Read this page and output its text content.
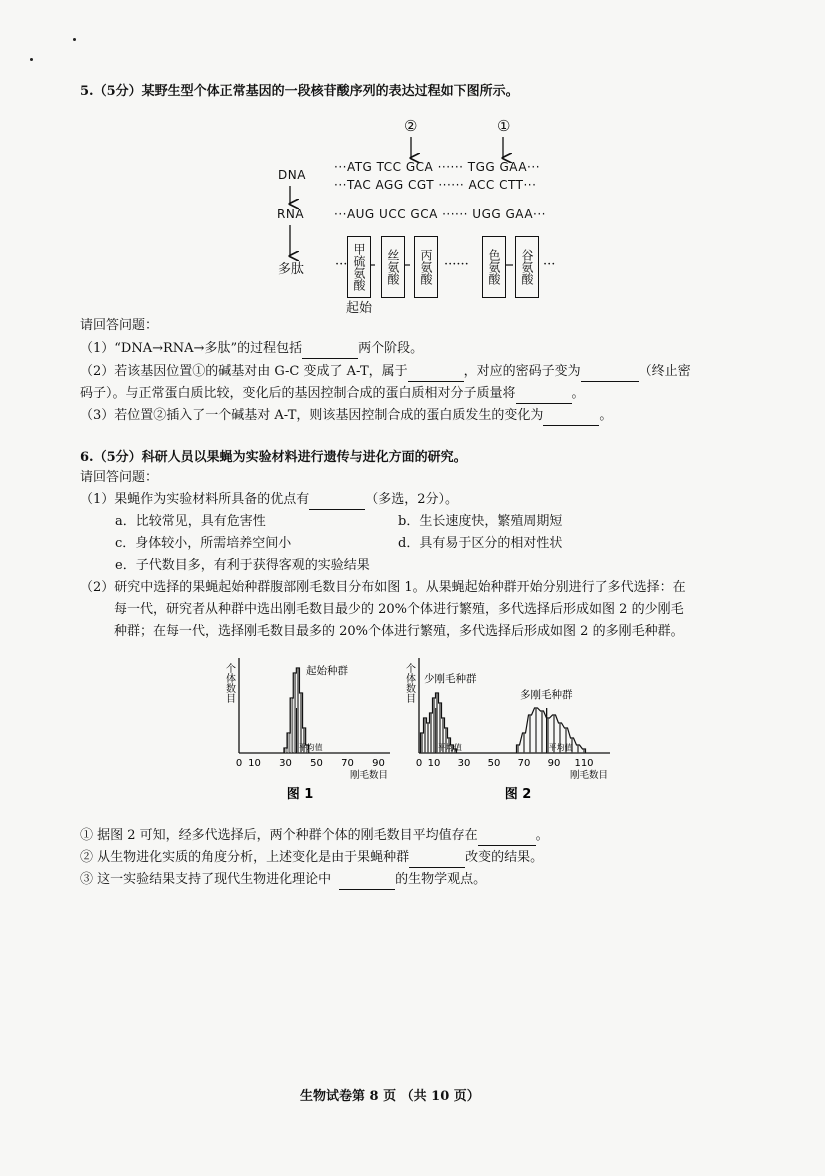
5.（5分）某野生型个体正常基因的一段核苷酸序列的表达过程如下图所示。
②	①
DNA
RNA
多肽
···ATG TCC GCA ······ TGG GAA···
···TAC AGG CGT ······ ACC CTT···
···AUG UCC GCA ······ UGG GAA···
··· 甲硫氨酸	丝氨酸	丙氨酸 ······	色氨酸	谷氨酸 ···
起始
请回答问题：
（1）“DNA→RNA→多肽”的过程包括	两个阶段。
（2）若该基因位置①的碱基对由 G-C 变成了 A-T，属于	，对应的密码子变为	（终止密
码子）。与正常蛋白质比较，变化后的基因控制合成的蛋白质相对分子质量将	。
（3）若位置②插入了一个碱基对 A-T，则该基因控制合成的蛋白质发生的变化为	。
6.（5分）科研人员以果蝇为实验材料进行遗传与进化方面的研究。
请回答问题：
（1）果蝇作为实验材料所具备的优点有	（多选，2分）。
a．比较常见，具有危害性	b．生长速度快，繁殖周期短
c．身体较小，所需培养空间小	d．具有易于区分的相对性状
e．子代数目多，有利于获得客观的实验结果
（2）研究中选择的果蝇起始种群腹部刚毛数目分布如图 1。从果蝇起始种群开始分别进行了多代选择：在
每一代，研究者从种群中选出刚毛数目最少的 20%个体进行繁殖，多代选择后形成如图 2 的少刚毛
种群；在每一代，选择刚毛数目最多的 20%个体进行繁殖，多代选择后形成如图 2 的多刚毛种群。
个体数目
0 10 30 50 70 90
刚毛数目
平均值
起始种群
图 1
个体数目
0 10 30 50 70 90 110
刚毛数目
平均值
少刚毛种群
平均值
多刚毛种群
图 2
① 据图 2 可知，经多代选择后，两个种群个体的刚毛数目平均值存在	。
② 从生物进化实质的角度分析，上述变化是由于果蝇种群	改变的结果。
③ 这一实验结果支持了现代生物进化理论中	的生物学观点。
生物试卷第 8 页 （共 10 页）
